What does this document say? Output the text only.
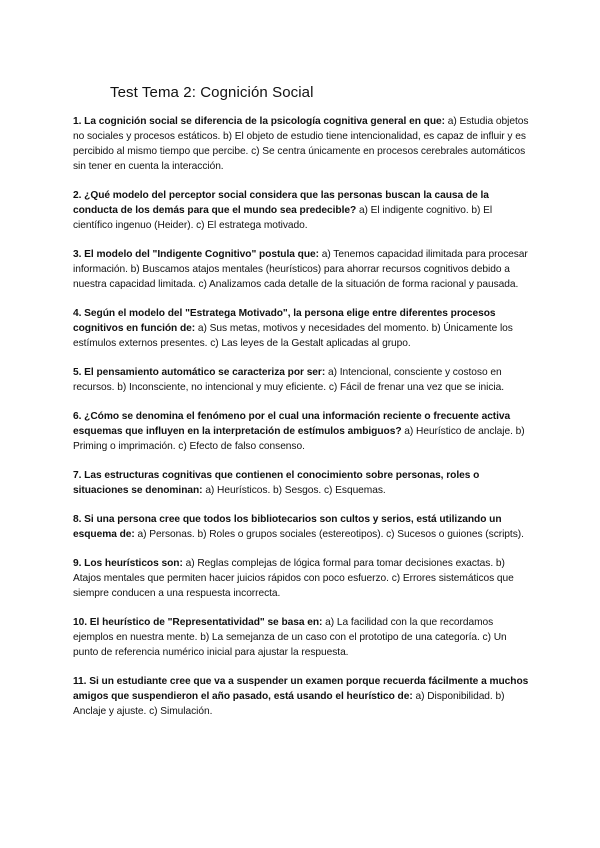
Test Tema 2: Cognición Social
1. La cognición social se diferencia de la psicología cognitiva general en que: a) Estudia objetos no sociales y procesos estáticos. b) El objeto de estudio tiene intencionalidad, es capaz de influir y es percibido al mismo tiempo que percibe. c) Se centra únicamente en procesos cerebrales automáticos sin tener en cuenta la interacción.
2. ¿Qué modelo del perceptor social considera que las personas buscan la causa de la conducta de los demás para que el mundo sea predecible? a) El indigente cognitivo. b) El científico ingenuo (Heider). c) El estratega motivado.
3. El modelo del "Indigente Cognitivo" postula que: a) Tenemos capacidad ilimitada para procesar información. b) Buscamos atajos mentales (heurísticos) para ahorrar recursos cognitivos debido a nuestra capacidad limitada. c) Analizamos cada detalle de la situación de forma racional y pausada.
4. Según el modelo del "Estratega Motivado", la persona elige entre diferentes procesos cognitivos en función de: a) Sus metas, motivos y necesidades del momento. b) Únicamente los estímulos externos presentes. c) Las leyes de la Gestalt aplicadas al grupo.
5. El pensamiento automático se caracteriza por ser: a) Intencional, consciente y costoso en recursos. b) Inconsciente, no intencional y muy eficiente. c) Fácil de frenar una vez que se inicia.
6. ¿Cómo se denomina el fenómeno por el cual una información reciente o frecuente activa esquemas que influyen en la interpretación de estímulos ambiguos? a) Heurístico de anclaje. b) Priming o imprimación. c) Efecto de falso consenso.
7. Las estructuras cognitivas que contienen el conocimiento sobre personas, roles o situaciones se denominan: a) Heurísticos. b) Sesgos. c) Esquemas.
8. Si una persona cree que todos los bibliotecarios son cultos y serios, está utilizando un esquema de: a) Personas. b) Roles o grupos sociales (estereotipos). c) Sucesos o guiones (scripts).
9. Los heurísticos son: a) Reglas complejas de lógica formal para tomar decisiones exactas. b) Atajos mentales que permiten hacer juicios rápidos con poco esfuerzo. c) Errores sistemáticos que siempre conducen a una respuesta incorrecta.
10. El heurístico de "Representatividad" se basa en: a) La facilidad con la que recordamos ejemplos en nuestra mente. b) La semejanza de un caso con el prototipo de una categoría. c) Un punto de referencia numérico inicial para ajustar la respuesta.
11. Si un estudiante cree que va a suspender un examen porque recuerda fácilmente a muchos amigos que suspendieron el año pasado, está usando el heurístico de: a) Disponibilidad. b) Anclaje y ajuste. c) Simulación.
